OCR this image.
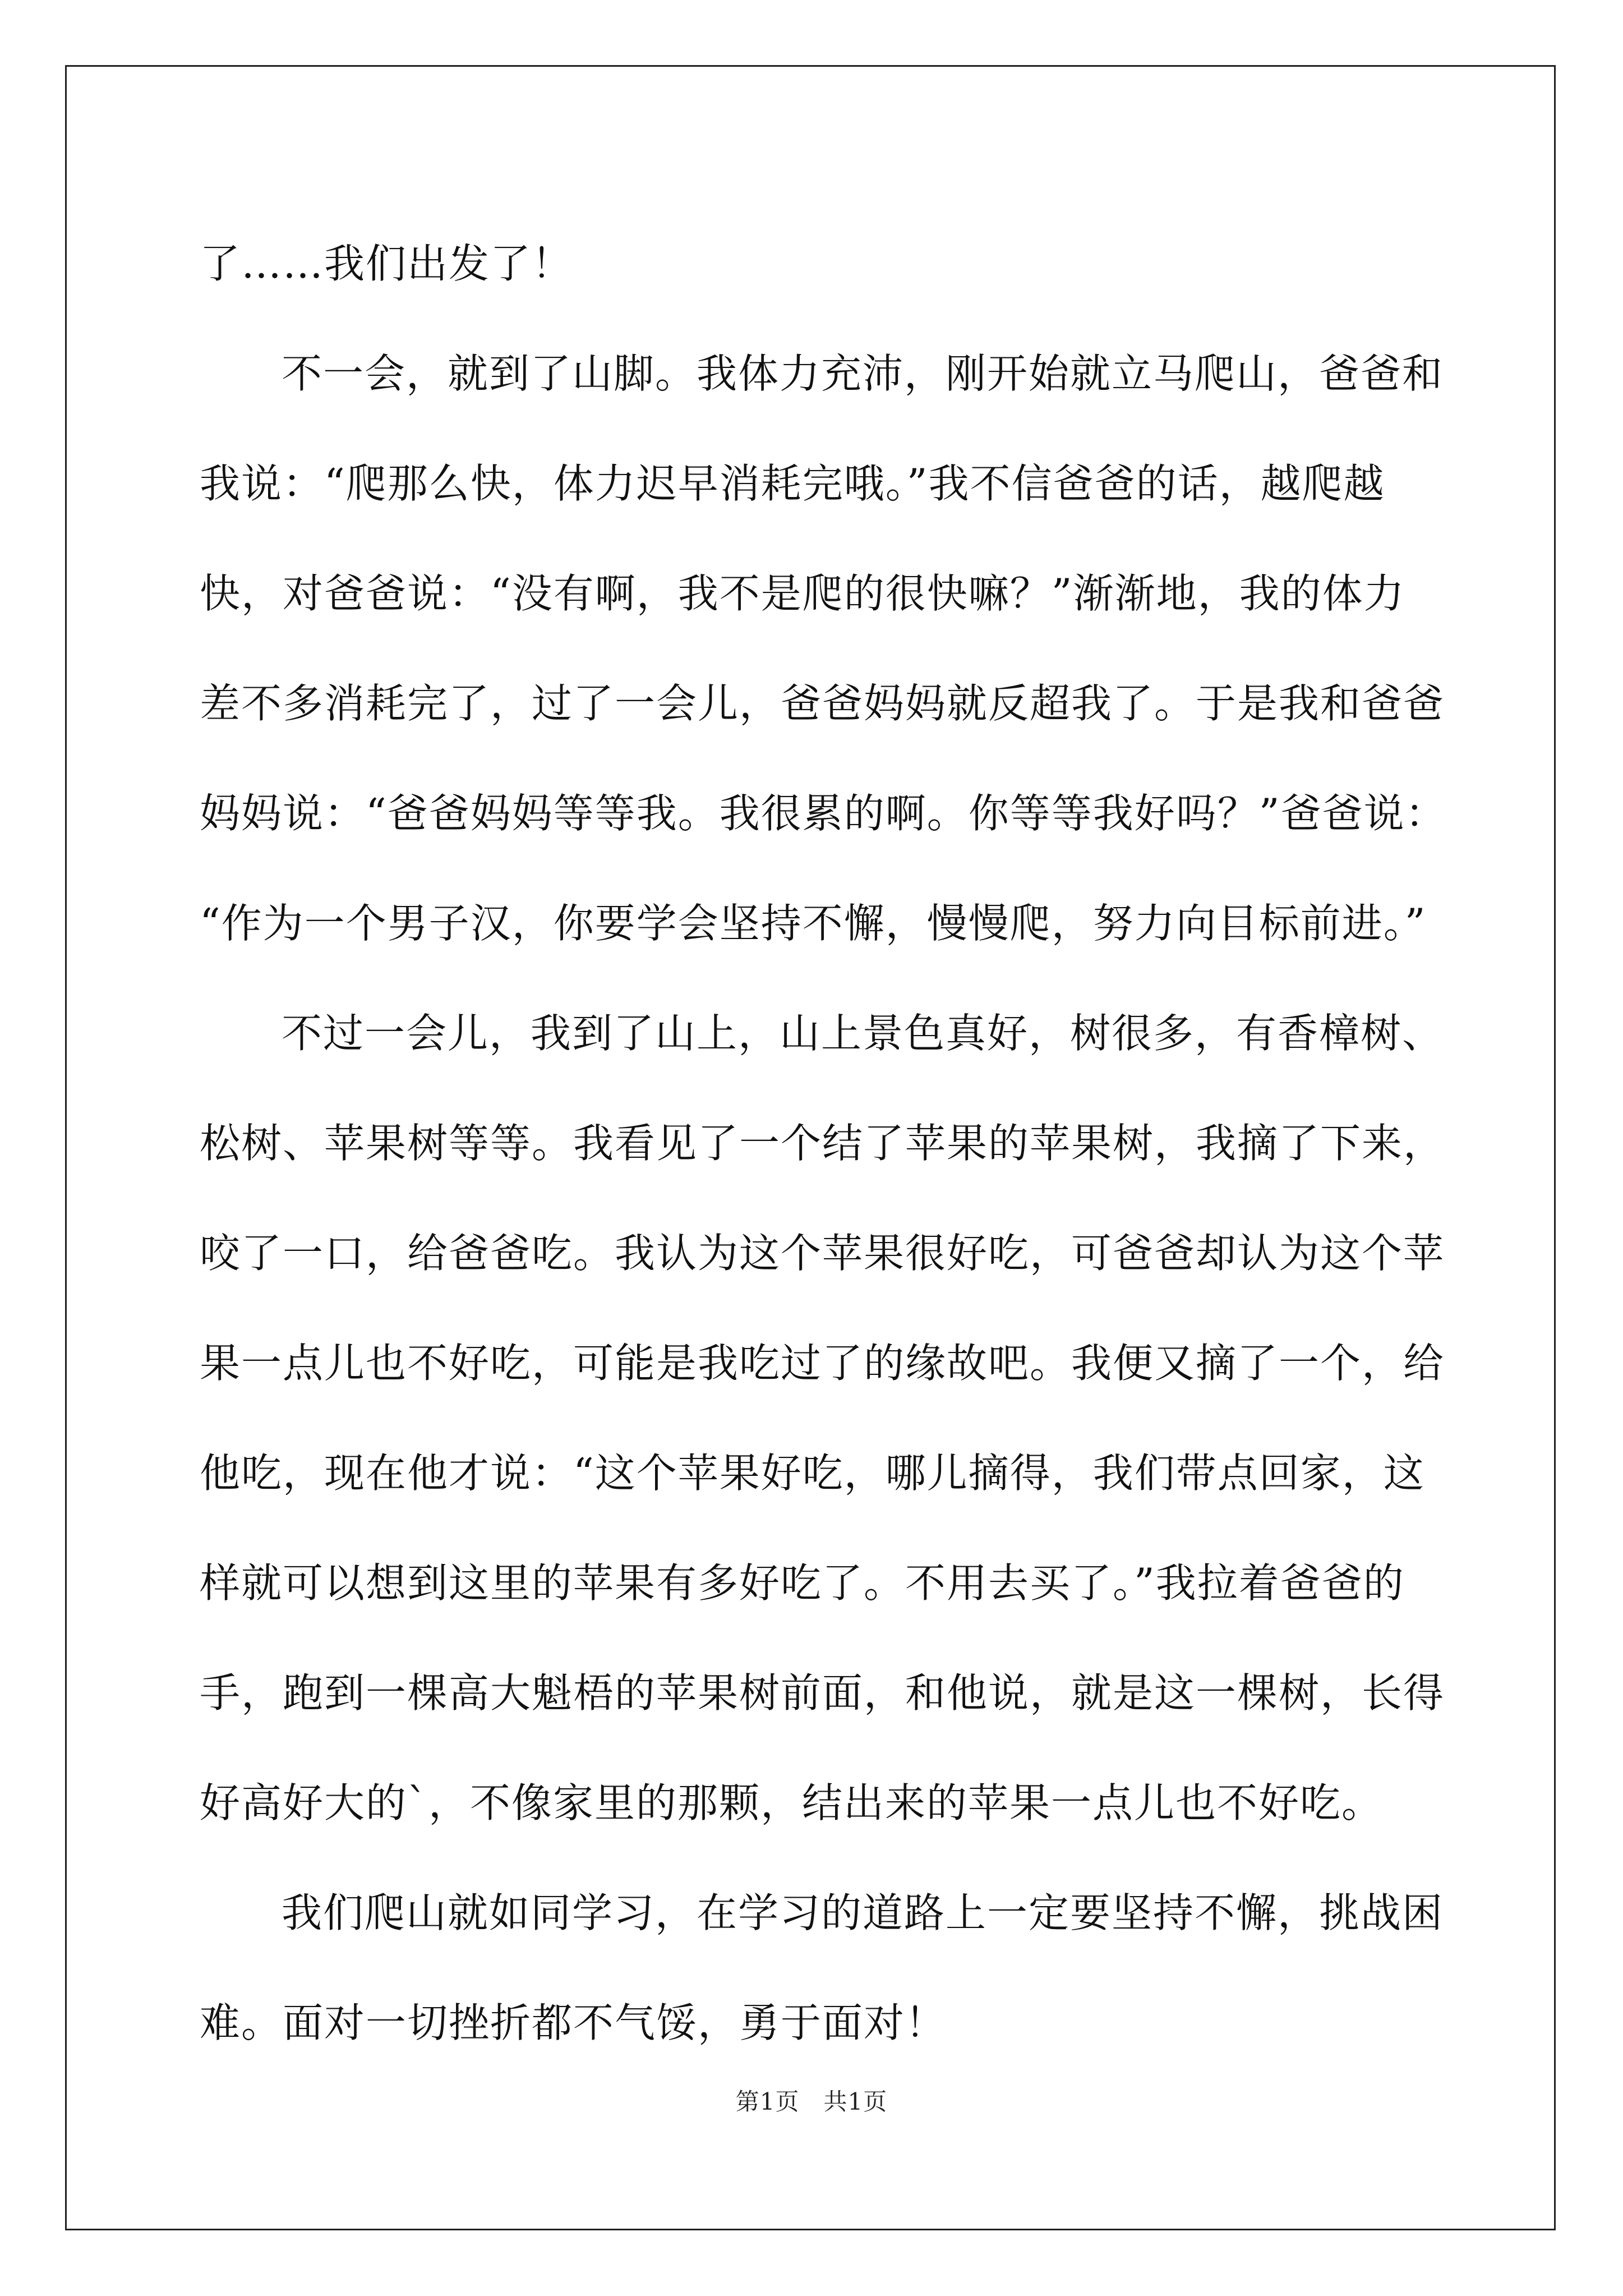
了……我们出发了！
不一会，就到了山脚。我体力充沛，刚开始就立马爬山，爸爸和
我说：“爬那么快，体力迟早消耗完哦。”我不信爸爸的话，越爬越
快，对爸爸说：“没有啊，我不是爬的很快嘛？”渐渐地，我的体力
差不多消耗完了，过了一会儿，爸爸妈妈就反超我了。于是我和爸爸
妈妈说：“爸爸妈妈等等我。我很累的啊。你等等我好吗？”爸爸说：
“作为一个男子汉，你要学会坚持不懈，慢慢爬，努力向目标前进。”
不过一会儿，我到了山上，山上景色真好，树很多，有香樟树、
松树、苹果树等等。我看见了一个结了苹果的苹果树，我摘了下来，
咬了一口，给爸爸吃。我认为这个苹果很好吃，可爸爸却认为这个苹
果一点儿也不好吃，可能是我吃过了的缘故吧。我便又摘了一个，给
他吃，现在他才说：“这个苹果好吃，哪儿摘得，我们带点回家，这
样就可以想到这里的苹果有多好吃了。不用去买了。”我拉着爸爸的
手，跑到一棵高大魁梧的苹果树前面，和他说，就是这一棵树，长得
好高好大的`，不像家里的那颗，结出来的苹果一点儿也不好吃。
我们爬山就如同学习，在学习的道路上一定要坚持不懈，挑战困
难。面对一切挫折都不气馁，勇于面对！
第1页　共1页
